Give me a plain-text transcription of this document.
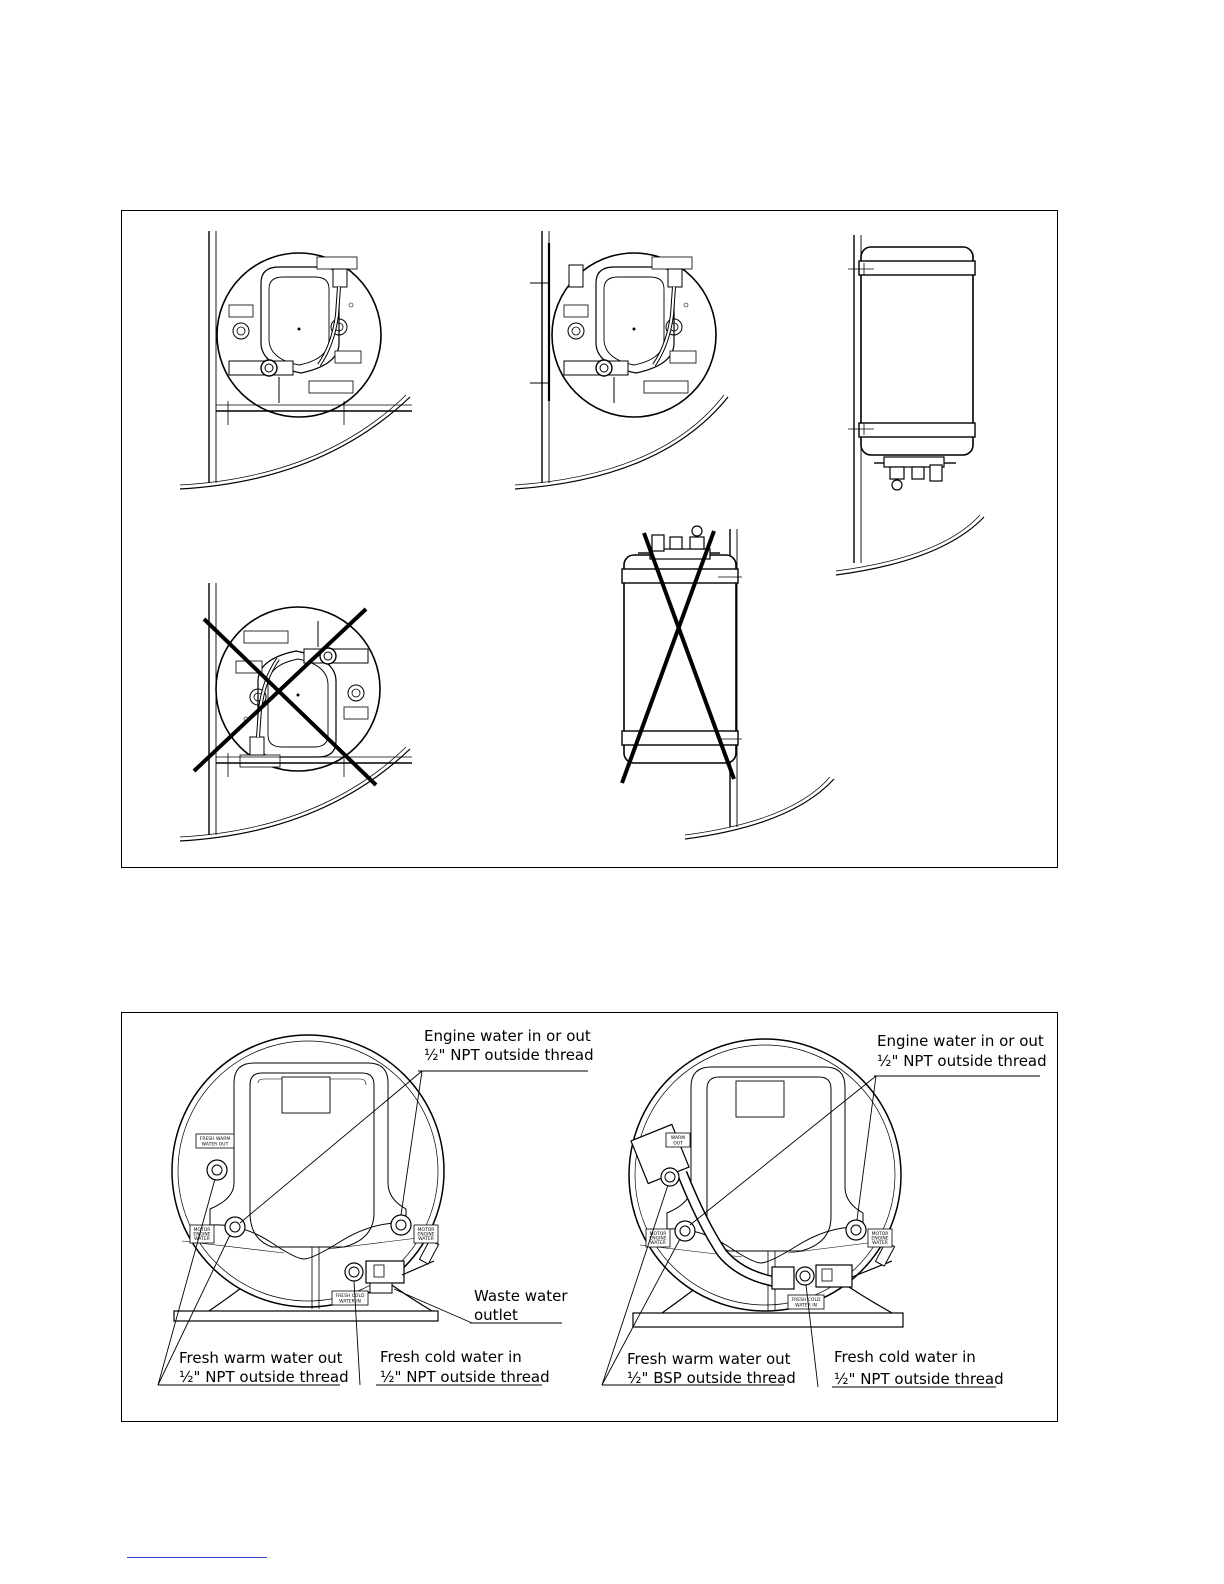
FRESH WARM
WATER OUT
MOTOR
ENGINE
WATER
MOTOR
ENGINE
WATER
FRESH COLD
WATER IN
Engine water in or out
½" NPT outside thread
Waste water
outlet
Fresh warm water out
½" NPT outside thread
Fresh cold water in
½" NPT outside thread
WARM
OUT
MOTOR
ENGINE
WATER
MOTOR
ENGINE
WATER
FRESH COLD
WATER IN
Engine water in or out
½" NPT outside thread
Fresh warm water out
½" BSP outside thread
Fresh cold water in
½" NPT outside thread
